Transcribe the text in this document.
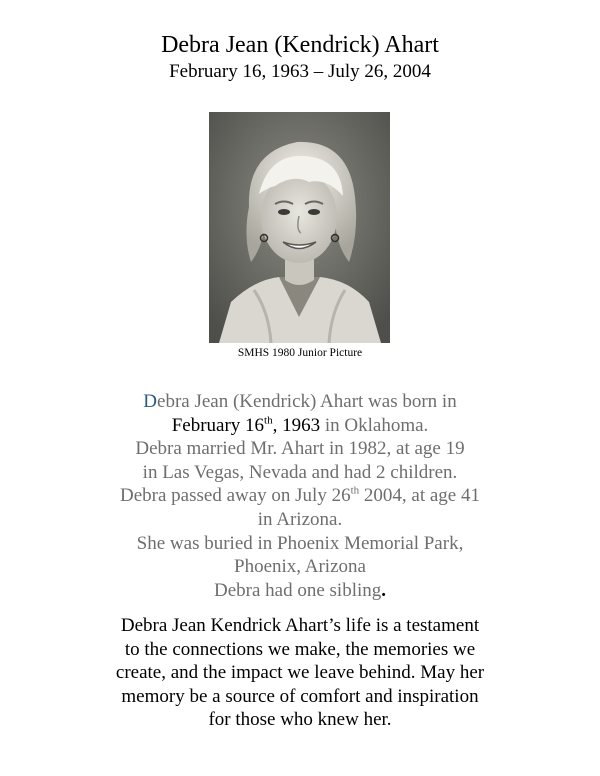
Debra Jean (Kendrick) Ahart
February 16, 1963 – July 26, 2004
SMHS 1980 Junior Picture
Debra Jean (Kendrick) Ahart was born in
February 16th, 1963 in Oklahoma.
Debra married Mr. Ahart in 1982, at age 19
in Las Vegas, Nevada and had 2 children.
Debra passed away on July 26th 2004, at age 41
in Arizona.
She was buried in Phoenix Memorial Park,
Phoenix, Arizona
Debra had one sibling.
Debra Jean Kendrick Ahart’s life is a testament
to the connections we make, the memories we
create, and the impact we leave behind. May her
memory be a source of comfort and inspiration
for those who knew her.
